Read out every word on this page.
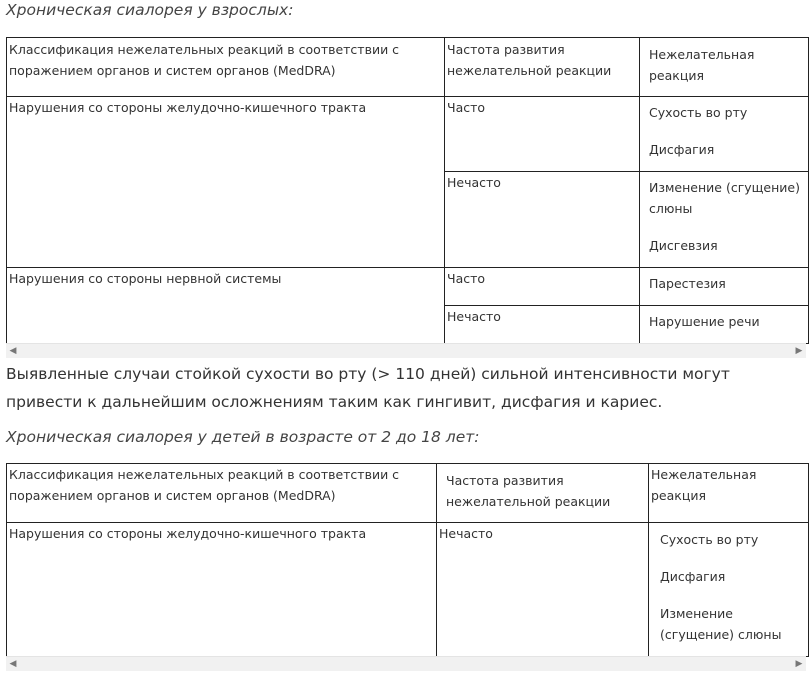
Хроническая сиалорея у взрослых:
Классификация нежелательных реакций в соответствии с поражением органов и систем органов (MedDRA)	Частота развития нежелательной реакции	Нежелательная реакция

Нарушения со стороны желудочно-кишечного тракта	Часто	Сухость во рту
Дисфагия

	Нечасто	Изменение (сгущение) слюны
Дисгевзия

Нарушения со стороны нервной системы	Часто	Парестезия

	Нечасто	Нарушение речи
◀	▶
Выявленные случаи стойкой сухости во рту (> 110 дней) сильной интенсивности могут привести к дальнейшим осложнениям таким как гингивит, дисфагия и кариес.
Хроническая сиалорея у детей в возрасте от 2 до 18 лет:
Классификация нежелательных реакций в соответствии с поражением органов и систем органов (MedDRA)	Частота развития нежелательной реакции	Нежелательная реакция

Нарушения со стороны желудочно-кишечного тракта	Нечасто	Сухость во рту
Дисфагия
Изменение (сгущение) слюны
◀	▶
